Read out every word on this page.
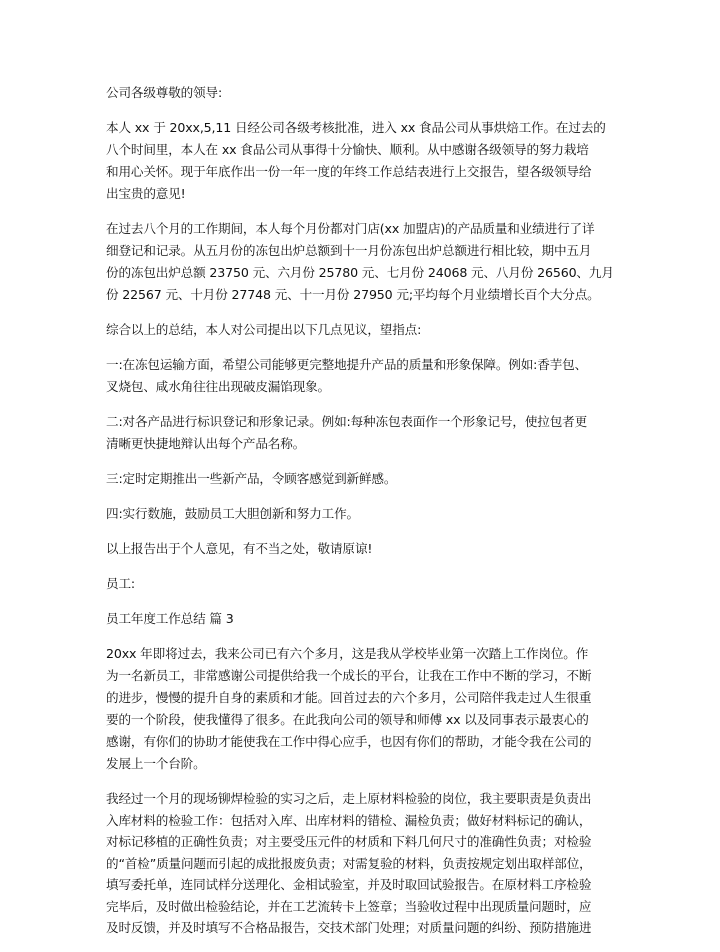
公司各级尊敬的领导:

本人 xx 于 20xx,5,11 日经公司各级考核批准，进入 xx 食品公司从事烘焙工作。在过去的
八个时间里，本人在 xx 食品公司从事得十分愉快、顺利。从中感谢各级领导的努力栽培
和用心关怀。现于年底作出一份一年一度的年终工作总结表进行上交报告，望各级领导给
出宝贵的意见!

在过去八个月的工作期间，本人每个月份都对门店(xx 加盟店)的产品质量和业绩进行了详
细登记和记录。从五月份的冻包出炉总额到十一月份冻包出炉总额进行相比较，期中五月
份的冻包出炉总额 23750 元、六月份 25780 元、七月份 24068 元、八月份 26560、九月
份 22567 元、十月份 27748 元、十一月份 27950 元;平均每个月业绩增长百个大分点。

综合以上的总结，本人对公司提出以下几点见议，望指点:

一:在冻包运输方面，希望公司能够更完整地提升产品的质量和形象保障。例如:香芋包、
叉烧包、咸水角往往出现破皮漏馅现象。

二:对各产品进行标识登记和形象记录。例如:每种冻包表面作一个形象记号，使拉包者更
清晰更快捷地辩认出每个产品名称。

三:定时定期推出一些新产品，令顾客感觉到新鲜感。

四:实行数施，鼓励员工大胆创新和努力工作。

以上报告出于个人意见，有不当之处，敬请原谅!

员工:

员工年度工作总结 篇 3

20xx 年即将过去，我来公司已有六个多月，这是我从学校毕业第一次踏上工作岗位。作
为一名新员工，非常感谢公司提供给我一个成长的平台，让我在工作中不断的学习，不断
的进步，慢慢的提升自身的素质和才能。回首过去的六个多月，公司陪伴我走过人生很重
要的一个阶段，使我懂得了很多。在此我向公司的领导和师傅 xx 以及同事表示最衷心的
感谢，有你们的协助才能使我在工作中得心应手，也因有你们的帮助，才能令我在公司的
发展上一个台阶。

我经过一个月的现场铆焊检验的实习之后，走上原材料检验的岗位，我主要职责是负责出
入库材料的检验工作：包括对入库、出库材料的错检、漏检负责；做好材料标记的确认，
对标记移植的正确性负责；对主要受压元件的材质和下料几何尺寸的准确性负责；对检验
的“首检”质量问题而引起的成批报废负责；对需复验的材料，负责按规定划出取样部位，
填写委托单，连同试样分送理化、金相试验室，并及时取回试验报告。在原材料工序检验
完毕后，及时做出检验结论，并在工艺流转卡上签章；当验收过程中出现质量问题时，应
及时反馈，并及时填写不合格品报告，交技术部门处理；对质量问题的纠纷、预防措施进
